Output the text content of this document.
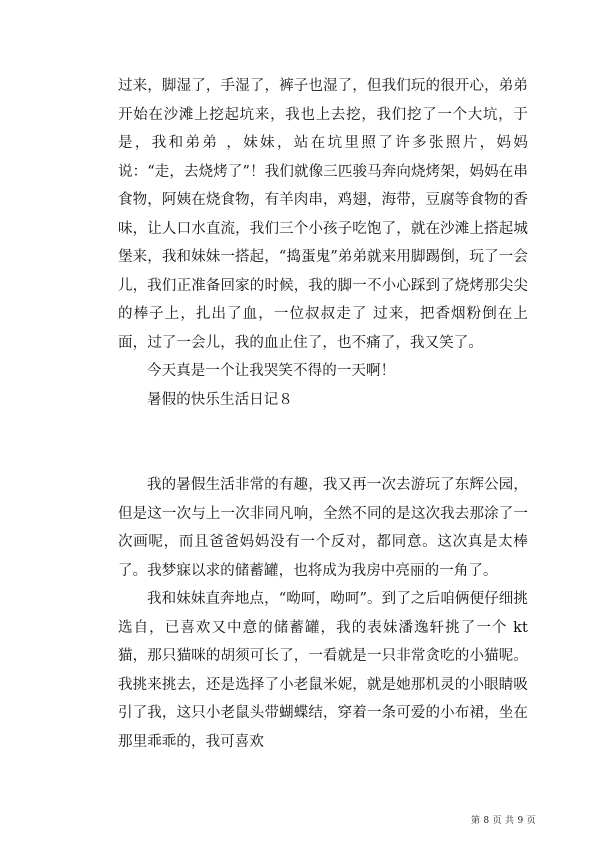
过来，脚湿了，手湿了，裤子也湿了，但我们玩的很开心，弟弟开始在沙滩上挖起坑来，我也上去挖，我们挖了一个大坑，于是，我和弟弟 ，妹妹，站在坑里照了许多张照片，妈妈说：“走，去烧烤了”！我们就像三匹骏马奔向烧烤架，妈妈在串食物，阿姨在烧食物，有羊肉串，鸡翅，海带，豆腐等食物的香味，让人口水直流，我们三个小孩子吃饱了，就在沙滩上搭起城堡来，我和妹妹一搭起，“捣蛋鬼”弟弟就来用脚踢倒，玩了一会儿，我们正准备回家的时候，我的脚一不小心踩到了烧烤那尖尖的棒子上，扎出了血，一位叔叔走了 过来，把香烟粉倒在上面，过了一会儿，我的血止住了，也不痛了，我又笑了。

今天真是一个让我哭笑不得的一天啊！

暑假的快乐生活日记８

我的暑假生活非常的有趣，我又再一次去游玩了东辉公园，但是这一次与上一次非同凡响，全然不同的是这次我去那涂了一次画呢，而且爸爸妈妈没有一个反对，都同意。这次真是太棒了。我梦寐以求的储蓄罐，也将成为我房中亮丽的一角了。

我和妹妹直奔地点，“呦呵，呦呵”。到了之后咱俩便仔细挑选自，已喜欢又中意的储蓄罐，我的表妹潘逸轩挑了一个 kt 猫，那只猫咪的胡须可长了，一看就是一只非常贪吃的小猫呢。我挑来挑去，还是选择了小老鼠米妮，就是她那机灵的小眼睛吸引了我，这只小老鼠头带蝴蝶结，穿着一条可爱的小布裙，坐在那里乖乖的，我可喜欢

第 8 页 共 9 页
